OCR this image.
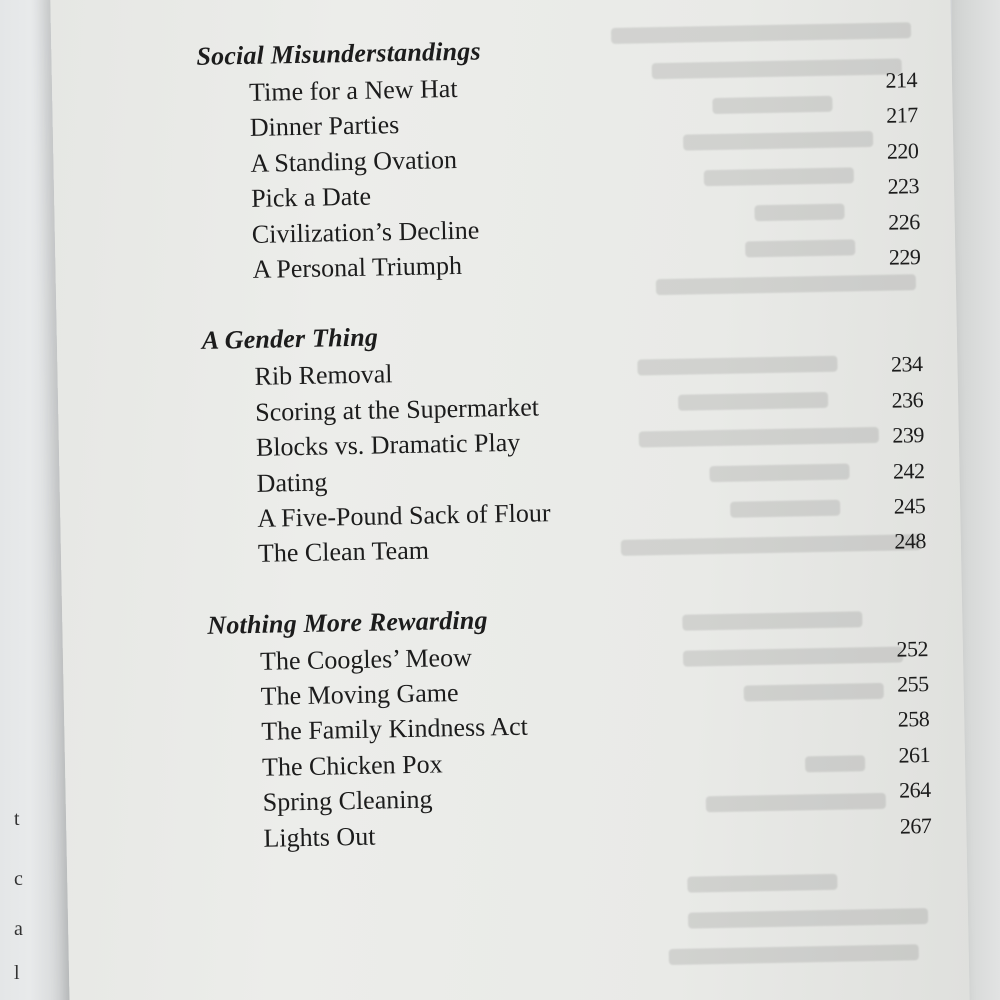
t
c
a
l
Social Misunderstandings
Time for a New Hat	214
Dinner Parties	217
A Standing Ovation	220
Pick a Date	223
Civilization’s Decline	226
A Personal Triumph	229
A Gender Thing
Rib Removal	234
Scoring at the Supermarket	236
Blocks vs. Dramatic Play	239
Dating	242
A Five-Pound Sack of Flour	245
The Clean Team	248
Nothing More Rewarding
The Coogles’ Meow	252
The Moving Game	255
The Family Kindness Act	258
The Chicken Pox	261
Spring Cleaning	264
Lights Out	267
